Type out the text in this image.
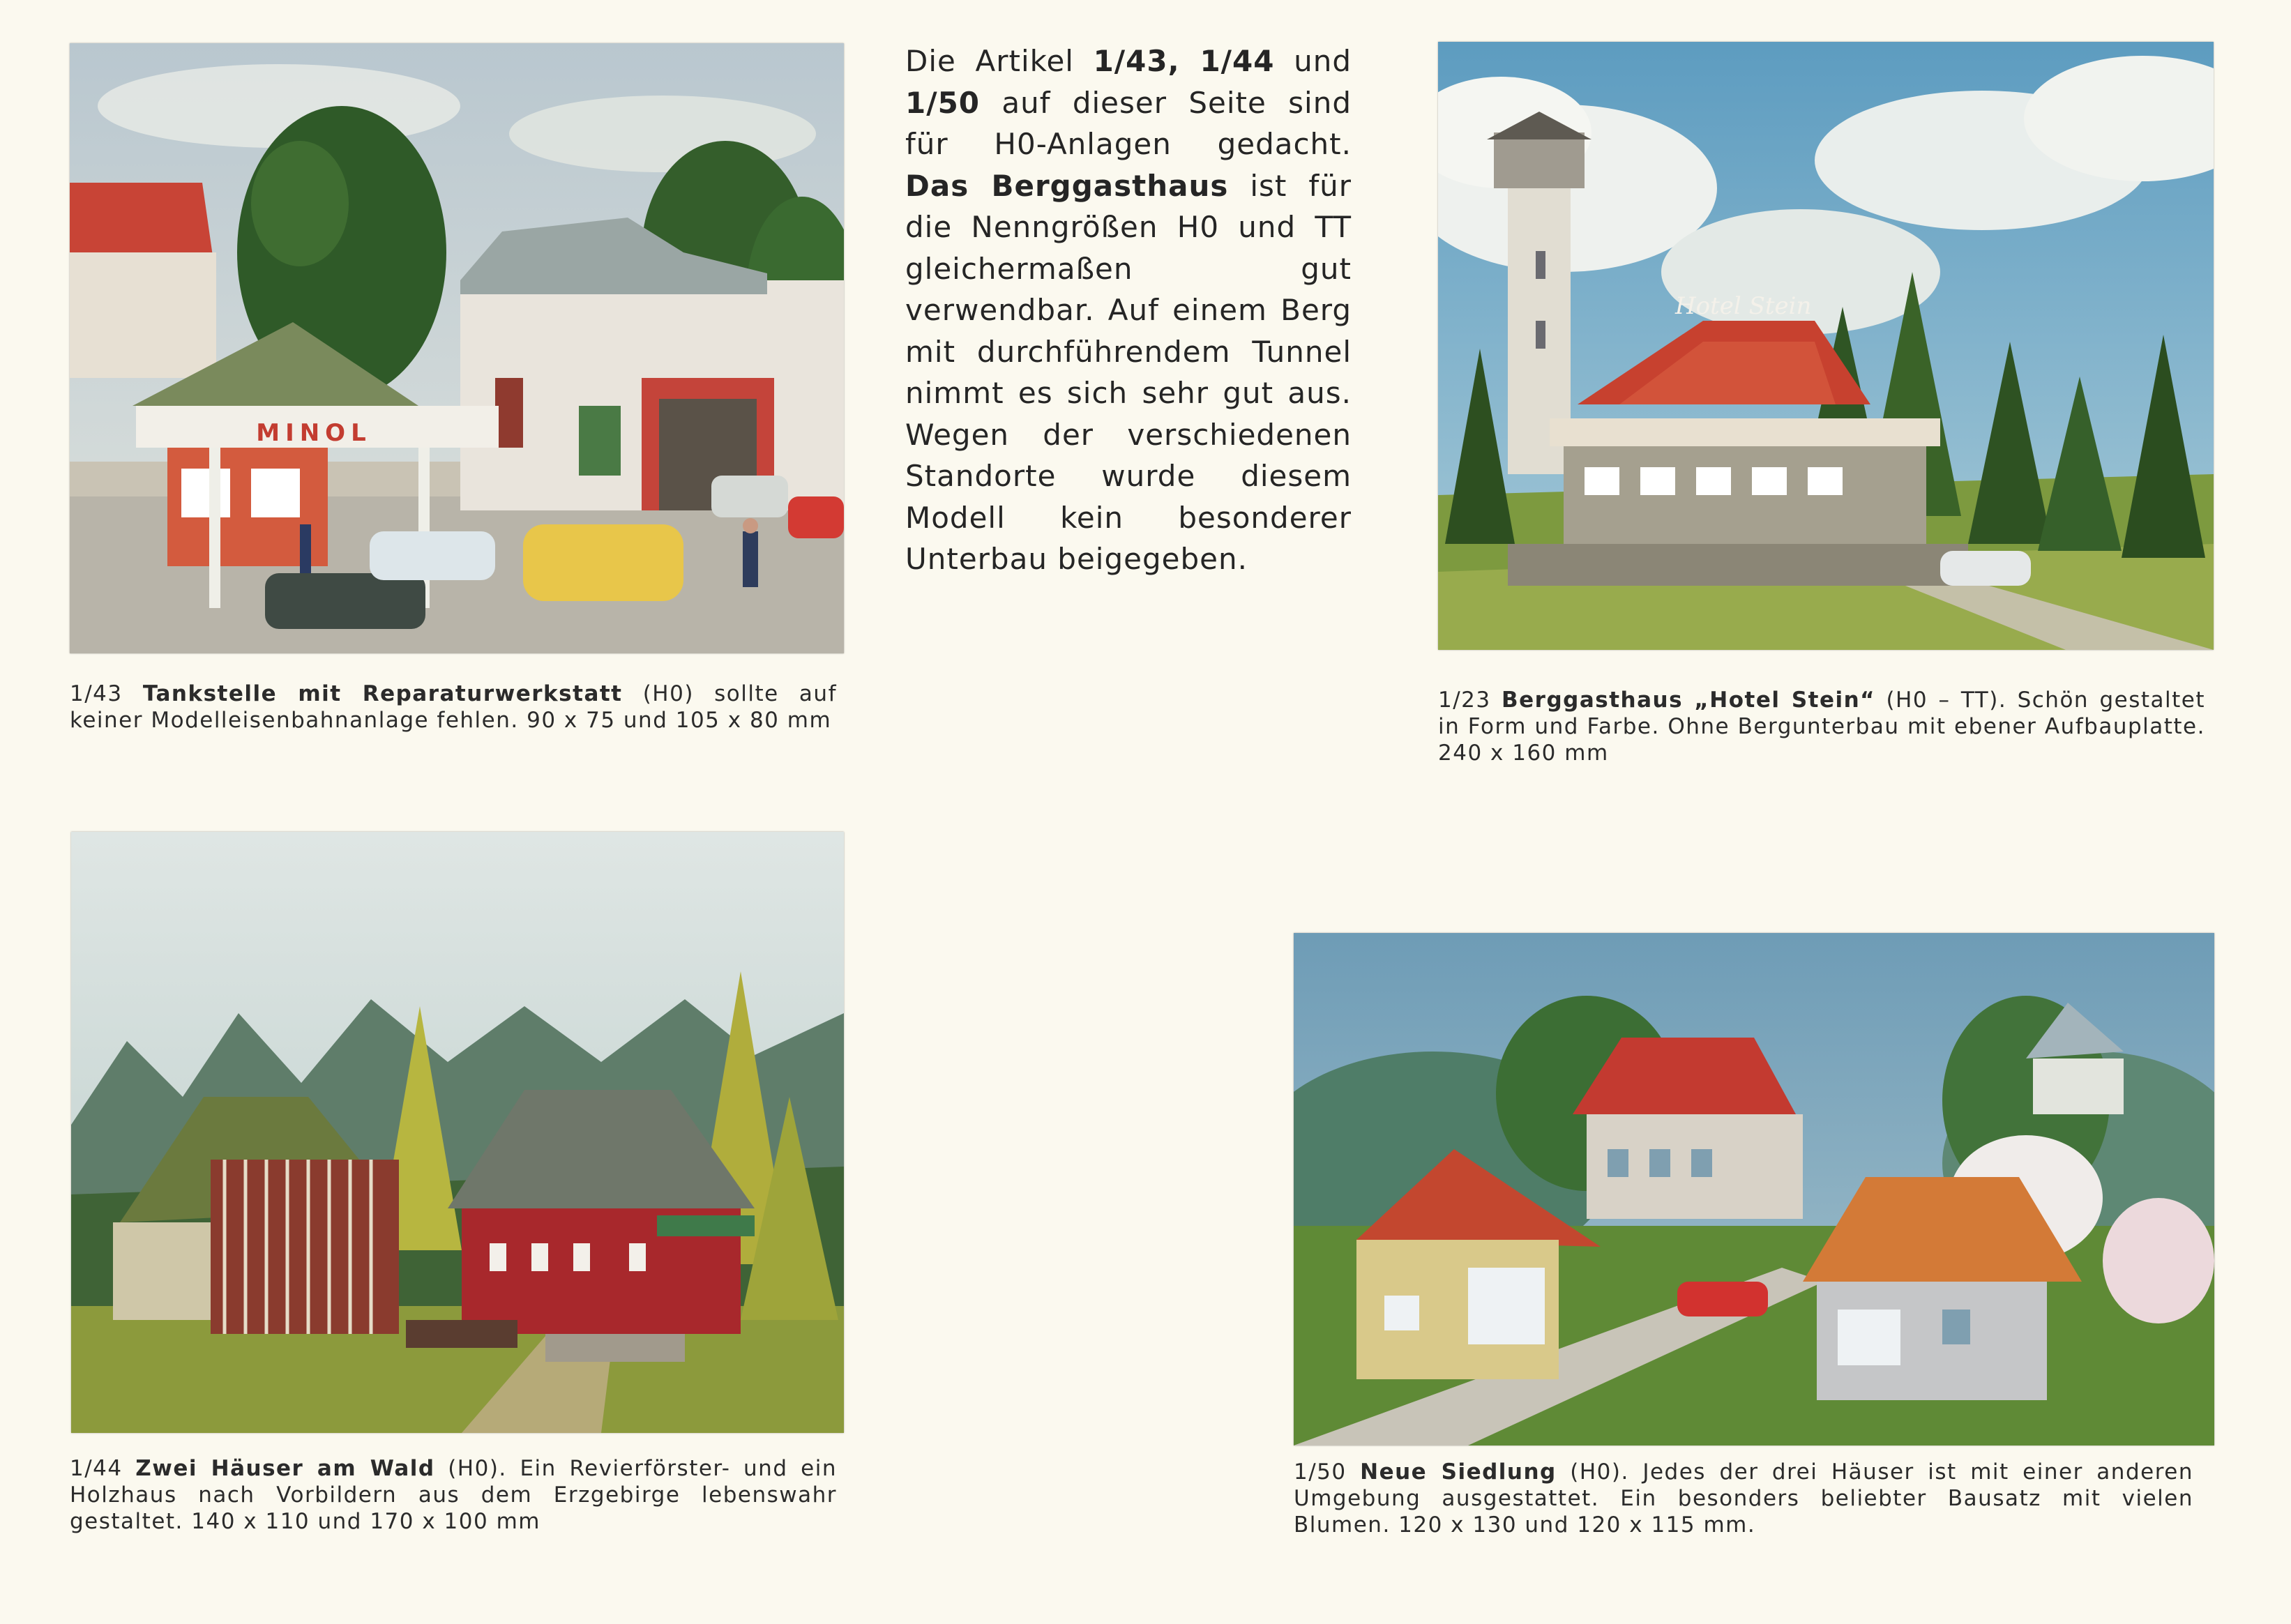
MINOL
Hotel Stein
Die Artikel 1/43, 1/44 und 1/50 auf dieser Seite sind für H0-Anlagen gedacht. Das Berggasthaus ist für die Nenngrößen H0 und TT gleichermaßen gut verwendbar. Auf einem Berg mit durchführendem Tunnel nimmt es sich sehr gut aus. Wegen der verschiedenen Standorte wurde diesem Modell kein besonderer Unterbau beigegeben.
1/43 Tankstelle mit Reparaturwerkstatt (H0) sollte auf keiner Modelleisenbahnanlage fehlen. 90 x 75 und 105 x 80 mm
1/23 Berggasthaus „Hotel Stein“ (H0 – TT). Schön gestaltet in Form und Farbe. Ohne Bergunterbau mit ebener Aufbauplatte. 240 x 160 mm
1/44 Zwei Häuser am Wald (H0). Ein Revierförster- und ein Holzhaus nach Vorbildern aus dem Erzgebirge lebenswahr gestaltet. 140 x 110 und 170 x 100 mm
1/50 Neue Siedlung (H0). Jedes der drei Häuser ist mit einer anderen Umgebung ausgestattet. Ein besonders beliebter Bausatz mit vielen Blumen. 120 x 130 und 120 x 115 mm.
